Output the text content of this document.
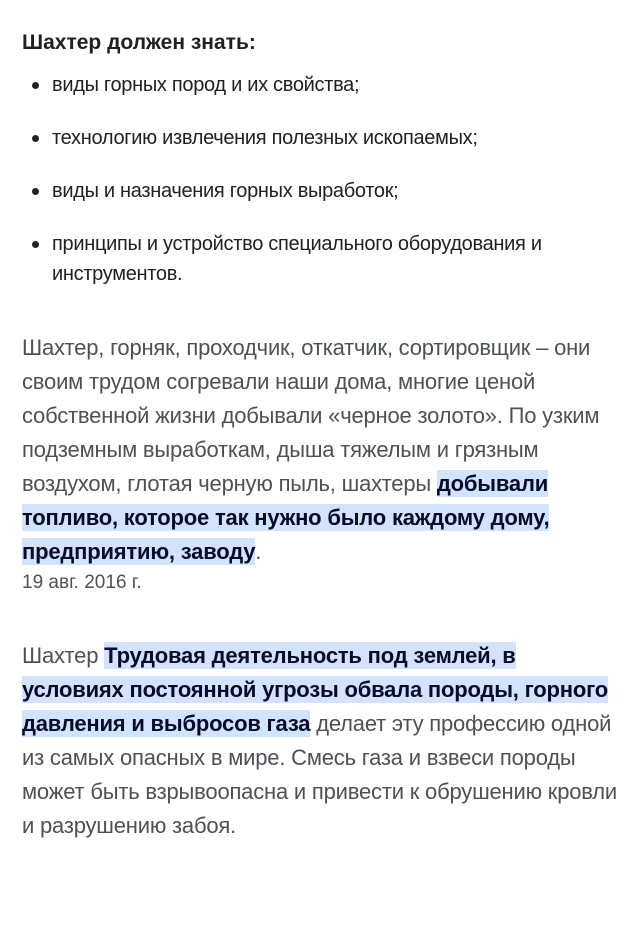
Шахтер должен знать:
виды горных пород и их свойства;
технологию извлечения полезных ископаемых;
виды и назначения горных выработок;
принципы и устройство специального оборудования и инструментов.

Шахтер, горняк, проходчик, откатчик, сортировщик – они своим трудом согревали наши дома, многие ценой собственной жизни добывали «черное золото». По узким подземным выработкам, дыша тяжелым и грязным воздухом, глотая черную пыль, шахтеры добывали топливо, которое так нужно было каждому дому, предприятию, заводу.

19 авг. 2016 г.

Шахтер Трудовая деятельность под землей, в условиях постоянной угрозы обвала породы, горного давления и выбросов газа делает эту профессию одной из самых опасных в мире. Смесь газа и взвеси породы может быть взрывоопасна и привести к обрушению кровли и разрушению забоя.
